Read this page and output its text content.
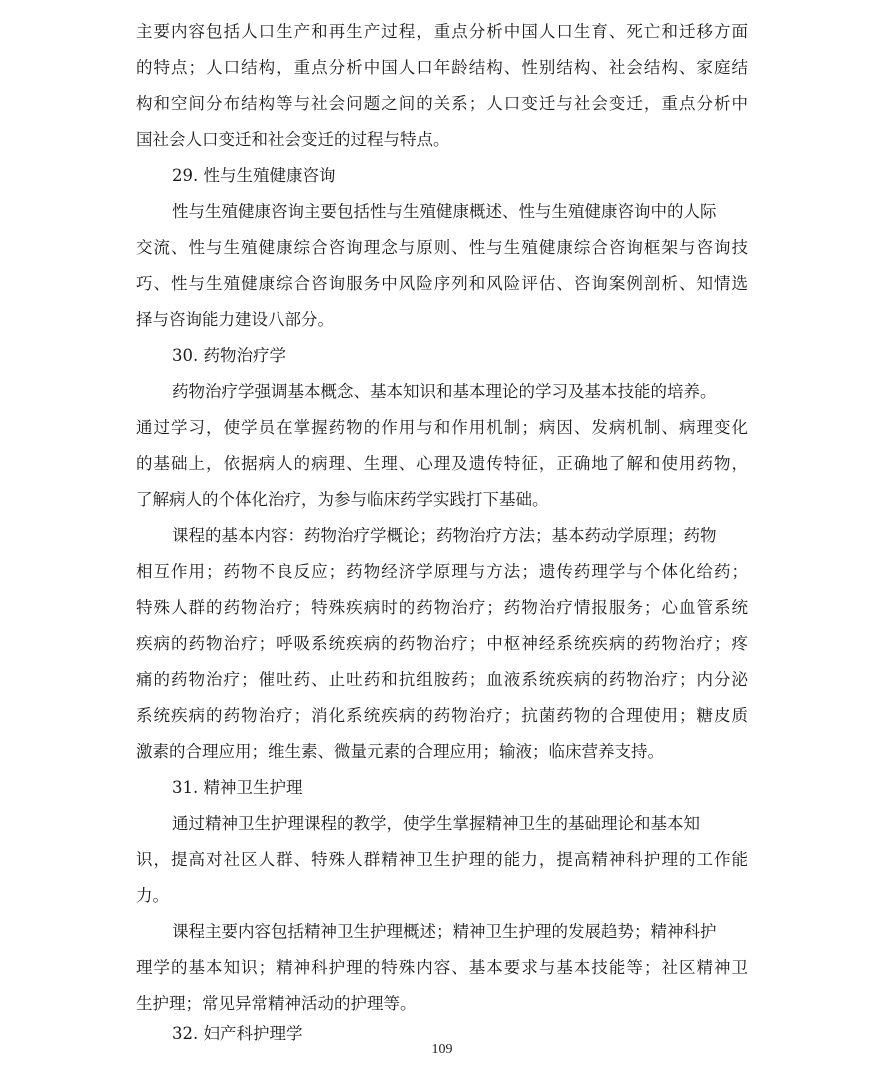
主要内容包括人口生产和再生产过程，重点分析中国人口生育、死亡和迁移方面
的特点；人口结构，重点分析中国人口年龄结构、性别结构、社会结构、家庭结
构和空间分布结构等与社会问题之间的关系；人口变迁与社会变迁，重点分析中
国社会人口变迁和社会变迁的过程与特点。
29. 性与生殖健康咨询
性与生殖健康咨询主要包括性与生殖健康概述、性与生殖健康咨询中的人际
交流、性与生殖健康综合咨询理念与原则、性与生殖健康综合咨询框架与咨询技
巧、性与生殖健康综合咨询服务中风险序列和风险评估、咨询案例剖析、知情选
择与咨询能力建设八部分。
30. 药物治疗学
药物治疗学强调基本概念、基本知识和基本理论的学习及基本技能的培养。
通过学习，使学员在掌握药物的作用与和作用机制；病因、发病机制、病理变化
的基础上，依据病人的病理、生理、心理及遗传特征，正确地了解和使用药物，
了解病人的个体化治疗，为参与临床药学实践打下基础。
课程的基本内容：药物治疗学概论；药物治疗方法；基本药动学原理；药物
相互作用；药物不良反应；药物经济学原理与方法；遗传药理学与个体化给药；
特殊人群的药物治疗；特殊疾病时的药物治疗；药物治疗情报服务；心血管系统
疾病的药物治疗；呼吸系统疾病的药物治疗；中枢神经系统疾病的药物治疗；疼
痛的药物治疗；催吐药、止吐药和抗组胺药；血液系统疾病的药物治疗；内分泌
系统疾病的药物治疗；消化系统疾病的药物治疗；抗菌药物的合理使用；糖皮质
激素的合理应用；维生素、微量元素的合理应用；输液；临床营养支持。
31. 精神卫生护理
通过精神卫生护理课程的教学，使学生掌握精神卫生的基础理论和基本知
识，提高对社区人群、特殊人群精神卫生护理的能力，提高精神科护理的工作能
力。
课程主要内容包括精神卫生护理概述；精神卫生护理的发展趋势；精神科护
理学的基本知识；精神科护理的特殊内容、基本要求与基本技能等；社区精神卫
生护理；常见异常精神活动的护理等。
32. 妇产科护理学
109
